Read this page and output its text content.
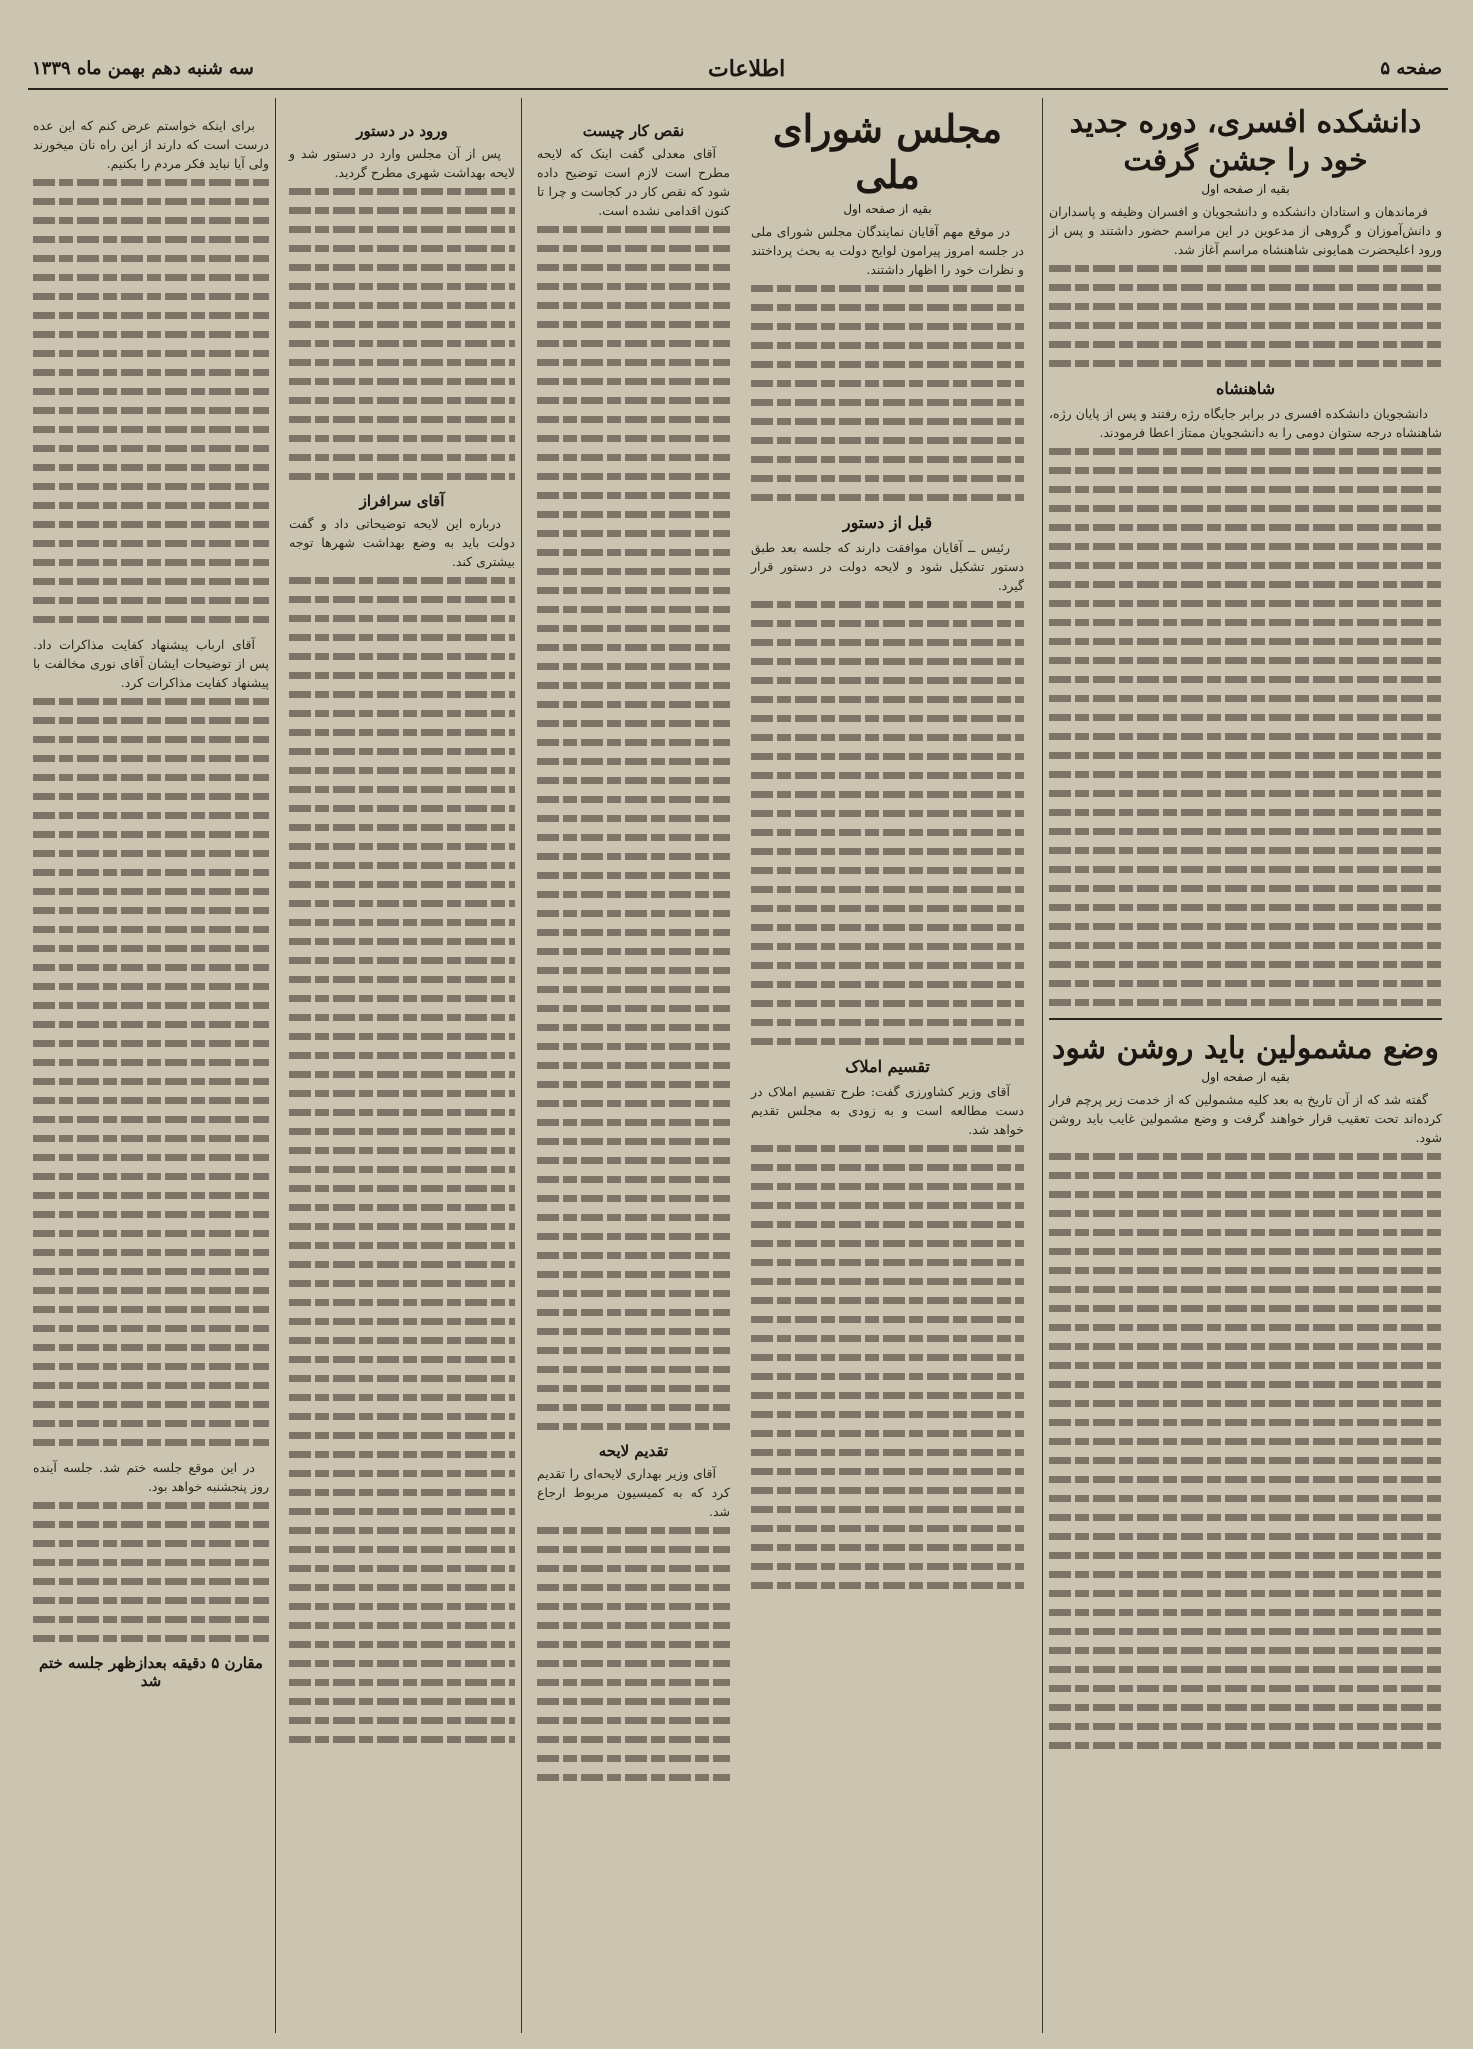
سه شنبه دهم بهمن ماه ۱۳۳۹	اطلاعات	صفحه ۵
دانشکده افسری، دوره جدید خود را جشن گرفت
بقیه از صفحه اول

فرماندهان و استادان دانشکده و دانشجویان و افسران وظیفه و پاسداران و دانش‌آموزان و گروهی از مدعوین در این مراسم حضور داشتند و پس از ورود اعلیحضرت همایونی شاهنشاه مراسم آغاز شد.

شاهنشاه

دانشجویان دانشکده افسری در برابر جایگاه رژه رفتند و پس از پایان رژه، شاهنشاه درجه ستوان دومی را به دانشجویان ممتاز اعطا فرمودند.

وضع مشمولین باید روشن شود
بقیه از صفحه اول

گفته شد که از آن تاریخ به بعد کلیه مشمولین که از خدمت زیر پرچم فرار کرده‌اند تحت تعقیب قرار خواهند گرفت و وضع مشمولین غایب باید روشن شود.

مجلس شورای ملی
بقیه از صفحه اول

در موقع مهم آقایان نمایندگان مجلس شورای ملی در جلسه امروز پیرامون لوایح دولت به بحث پرداختند و نظرات خود را اظهار داشتند.

قبل از دستور

رئیس ــ آقایان موافقت دارند که جلسه بعد طبق دستور تشکیل شود و لایحه دولت در دستور قرار گیرد.

تقسیم املاک

آقای وزیر کشاورزی گفت: طرح تقسیم املاک در دست مطالعه است و به زودی به مجلس تقدیم خواهد شد.

نقص کار چیست

آقای معدلی گفت اینک که لایحه مطرح است لازم است توضیح داده شود که نقص کار در کجاست و چرا تا کنون اقدامی نشده است.

تقدیم لایحه

آقای وزیر بهداری لایحه‌ای را تقدیم کرد که به کمیسیون مربوط ارجاع شد.

ورود در دستور

پس از آن مجلس وارد در دستور شد و لایحه بهداشت شهری مطرح گردید.

آقای سرافراز

درباره این لایحه توضیحاتی داد و گفت دولت باید به وضع بهداشت شهرها توجه بیشتری کند.

برای اینکه خواستم عرض کنم که این عده درست است که دارند از این راه نان میخورند ولی آیا نباید فکر مردم را بکنیم.

آقای ارباب پیشنهاد کفایت مذاکرات داد. پس از توضیحات ایشان آقای نوری مخالفت با پیشنهاد کفایت مذاکرات کرد.

در این موقع جلسه ختم شد. جلسه آینده روز پنجشنبه خواهد بود.

مقارن ۵ دقیقه بعدازظهر جلسه ختم شد
